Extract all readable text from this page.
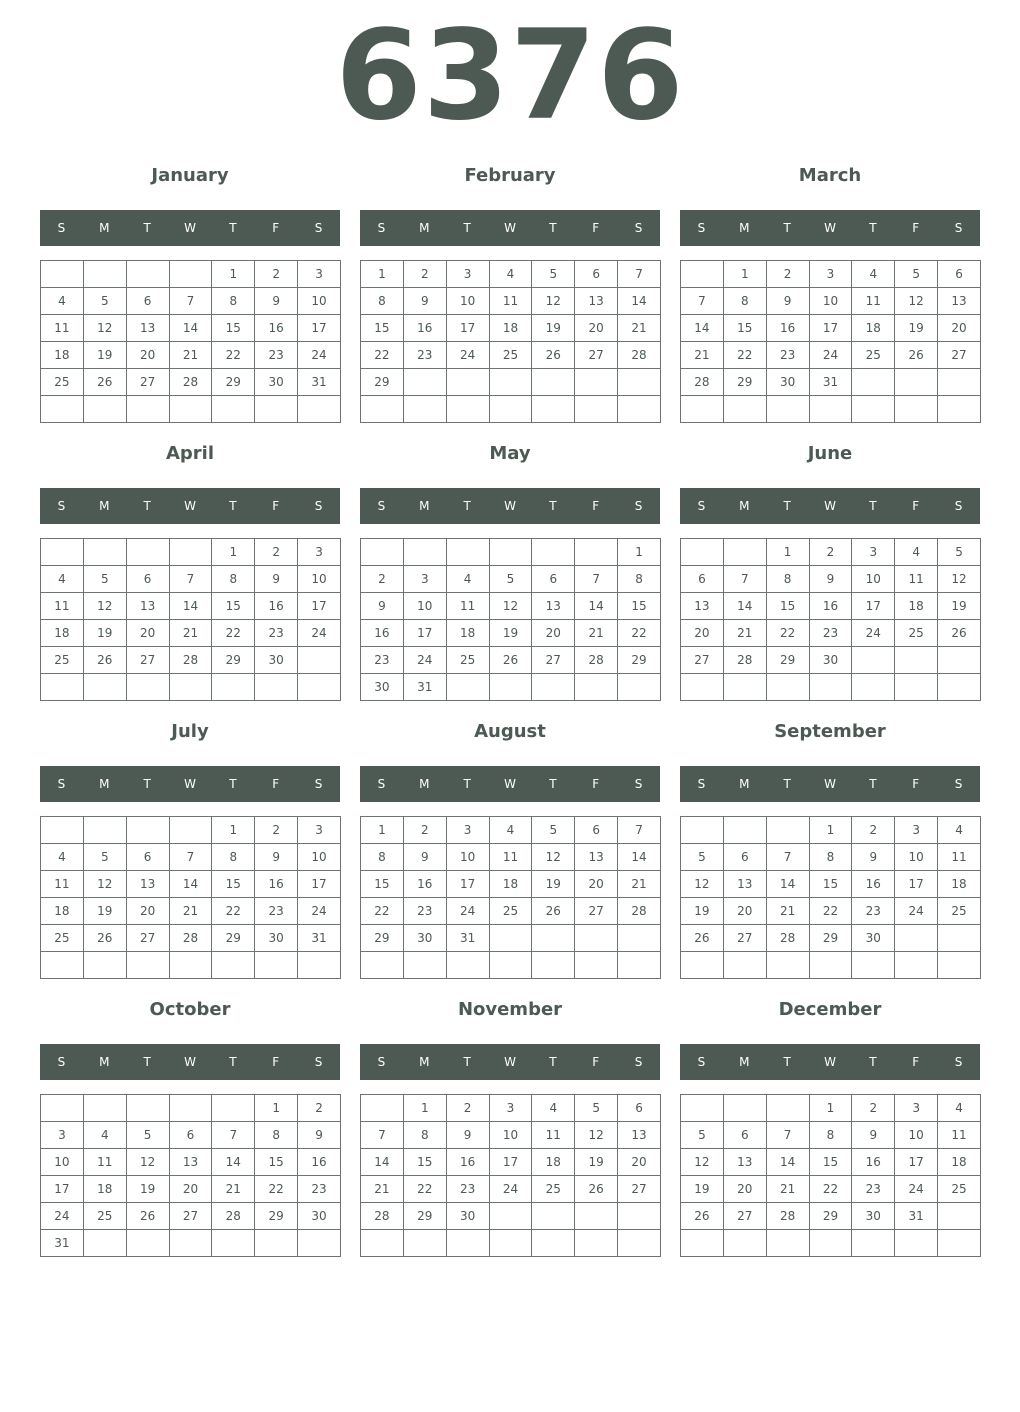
6376
January
S	M	T	W	T	F	S
				1	2	3
4	5	6	7	8	9	10
11	12	13	14	15	16	17
18	19	20	21	22	23	24
25	26	27	28	29	30	31

February
S	M	T	W	T	F	S
1	2	3	4	5	6	7
8	9	10	11	12	13	14
15	16	17	18	19	20	21
22	23	24	25	26	27	28
29						

March
S	M	T	W	T	F	S
	1	2	3	4	5	6
7	8	9	10	11	12	13
14	15	16	17	18	19	20
21	22	23	24	25	26	27
28	29	30	31			

April
S	M	T	W	T	F	S
				1	2	3
4	5	6	7	8	9	10
11	12	13	14	15	16	17
18	19	20	21	22	23	24
25	26	27	28	29	30	

May
S	M	T	W	T	F	S
						1
2	3	4	5	6	7	8
9	10	11	12	13	14	15
16	17	18	19	20	21	22
23	24	25	26	27	28	29
30	31					
June
S	M	T	W	T	F	S
		1	2	3	4	5
6	7	8	9	10	11	12
13	14	15	16	17	18	19
20	21	22	23	24	25	26
27	28	29	30			

July
S	M	T	W	T	F	S
				1	2	3
4	5	6	7	8	9	10
11	12	13	14	15	16	17
18	19	20	21	22	23	24
25	26	27	28	29	30	31

August
S	M	T	W	T	F	S
1	2	3	4	5	6	7
8	9	10	11	12	13	14
15	16	17	18	19	20	21
22	23	24	25	26	27	28
29	30	31				

September
S	M	T	W	T	F	S
			1	2	3	4
5	6	7	8	9	10	11
12	13	14	15	16	17	18
19	20	21	22	23	24	25
26	27	28	29	30		

October
S	M	T	W	T	F	S
					1	2
3	4	5	6	7	8	9
10	11	12	13	14	15	16
17	18	19	20	21	22	23
24	25	26	27	28	29	30
31						
November
S	M	T	W	T	F	S
	1	2	3	4	5	6
7	8	9	10	11	12	13
14	15	16	17	18	19	20
21	22	23	24	25	26	27
28	29	30				

December
S	M	T	W	T	F	S
			1	2	3	4
5	6	7	8	9	10	11
12	13	14	15	16	17	18
19	20	21	22	23	24	25
26	27	28	29	30	31	
